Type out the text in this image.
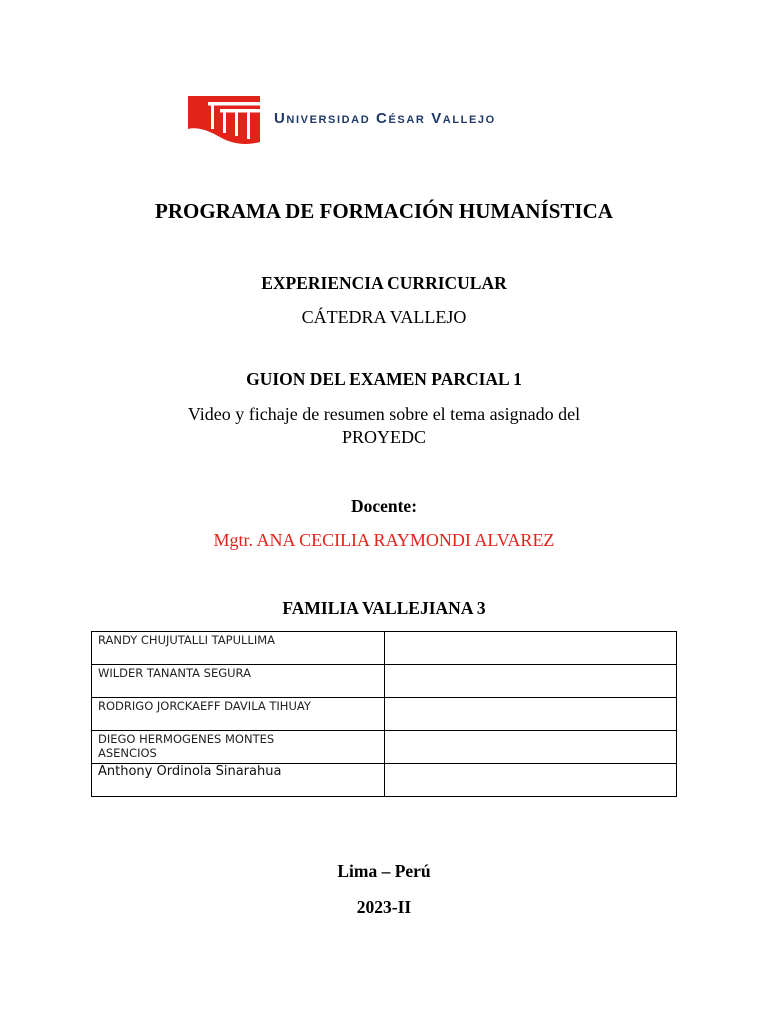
Universidad César Vallejo
PROGRAMA DE FORMACIÓN HUMANÍSTICA
EXPERIENCIA CURRICULAR
CÁTEDRA VALLEJO
GUION DEL EXAMEN PARCIAL 1
Video y fichaje de resumen sobre el tema asignado del
PROYEDC
Docente:
Mgtr. ANA CECILIA RAYMONDI ALVAREZ
FAMILIA VALLEJIANA 3
RANDY CHUJUTALLI TAPULLIMA	

WILDER TANANTA SEGURA	

RODRIGO JORCKAEFF DAVILA TIHUAY	

DIEGO HERMOGENES MONTES
ASENCIOS	

Anthony Ordinola Sinarahua	

Lima – Perú
2023-II
